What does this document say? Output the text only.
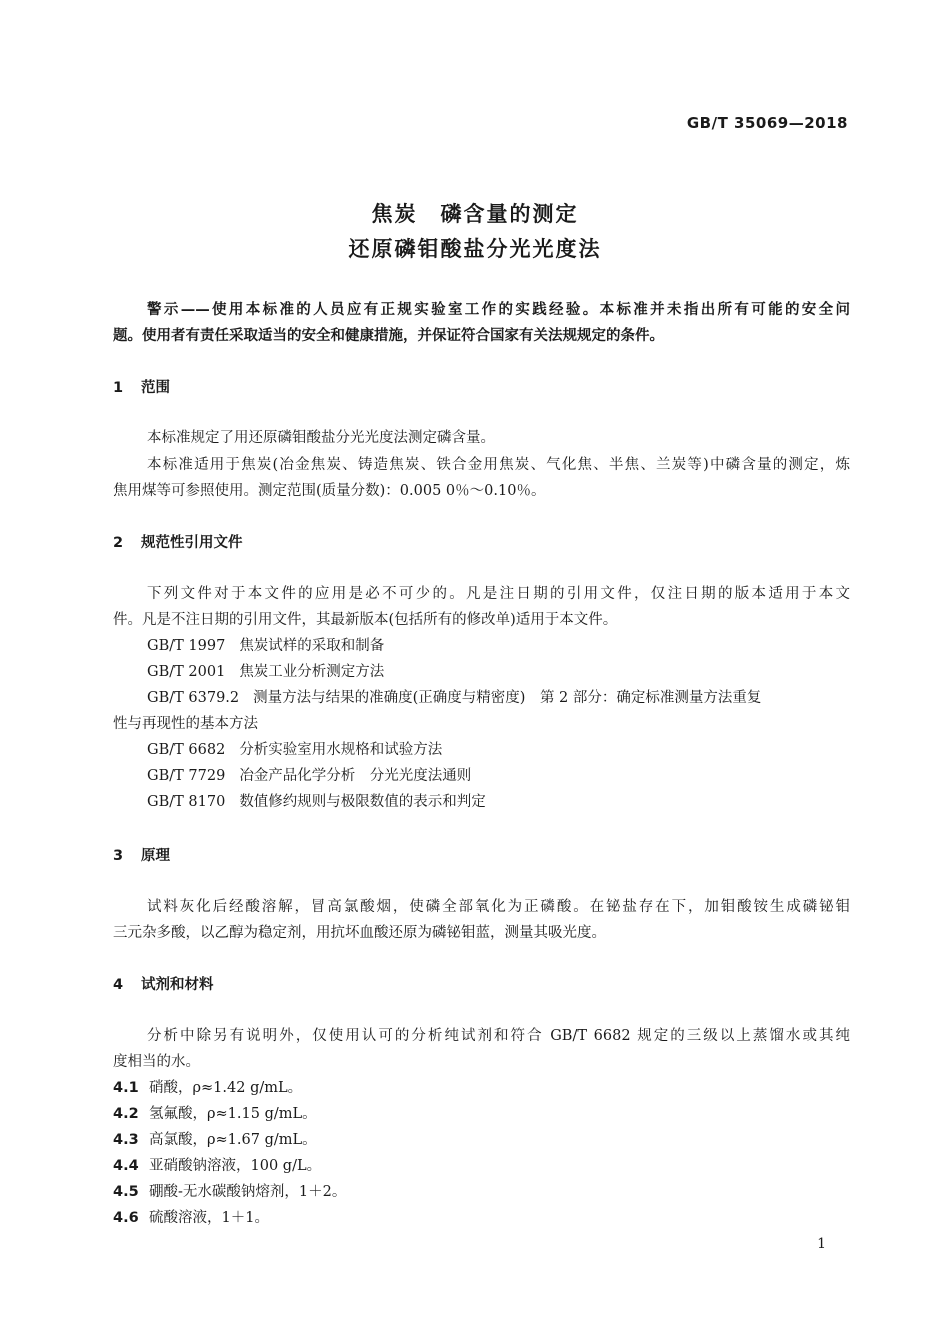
GB/T 35069—2018
焦炭　磷含量的测定
还原磷钼酸盐分光光度法
警示——使用本标准的人员应有正规实验室工作的实践经验。本标准并未指出所有可能的安全问
题。使用者有责任采取适当的安全和健康措施，并保证符合国家有关法规规定的条件。
1 范围
本标准规定了用还原磷钼酸盐分光光度法测定磷含量。
本标准适用于焦炭(冶金焦炭、铸造焦炭、铁合金用焦炭、气化焦、半焦、兰炭等)中磷含量的测定，炼
焦用煤等可参照使用。测定范围(质量分数)：0.005 0％～0.10％。
2 规范性引用文件
下列文件对于本文件的应用是必不可少的。凡是注日期的引用文件，仅注日期的版本适用于本文
件。凡是不注日期的引用文件，其最新版本(包括所有的修改单)适用于本文件。
GB/T 1997 焦炭试样的采取和制备
GB/T 2001 焦炭工业分析测定方法
GB/T 6379.2 测量方法与结果的准确度(正确度与精密度)　第 2 部分：确定标准测量方法重复
性与再现性的基本方法
GB/T 6682 分析实验室用水规格和试验方法
GB/T 7729 冶金产品化学分析　分光光度法通则
GB/T 8170 数值修约规则与极限数值的表示和判定
3 原理
试料灰化后经酸溶解，冒高氯酸烟，使磷全部氧化为正磷酸。在铋盐存在下，加钼酸铵生成磷铋钼
三元杂多酸，以乙醇为稳定剂，用抗坏血酸还原为磷铋钼蓝，测量其吸光度。
4 试剂和材料
分析中除另有说明外，仅使用认可的分析纯试剂和符合 GB/T 6682 规定的三级以上蒸馏水或其纯
度相当的水。
4.1 硝酸，ρ≈1.42 g/mL。
4.2 氢氟酸，ρ≈1.15 g/mL。
4.3 高氯酸，ρ≈1.67 g/mL。
4.4 亚硝酸钠溶液，100 g/L。
4.5 硼酸-无水碳酸钠熔剂，1＋2。
4.6 硫酸溶液，1＋1。
1
